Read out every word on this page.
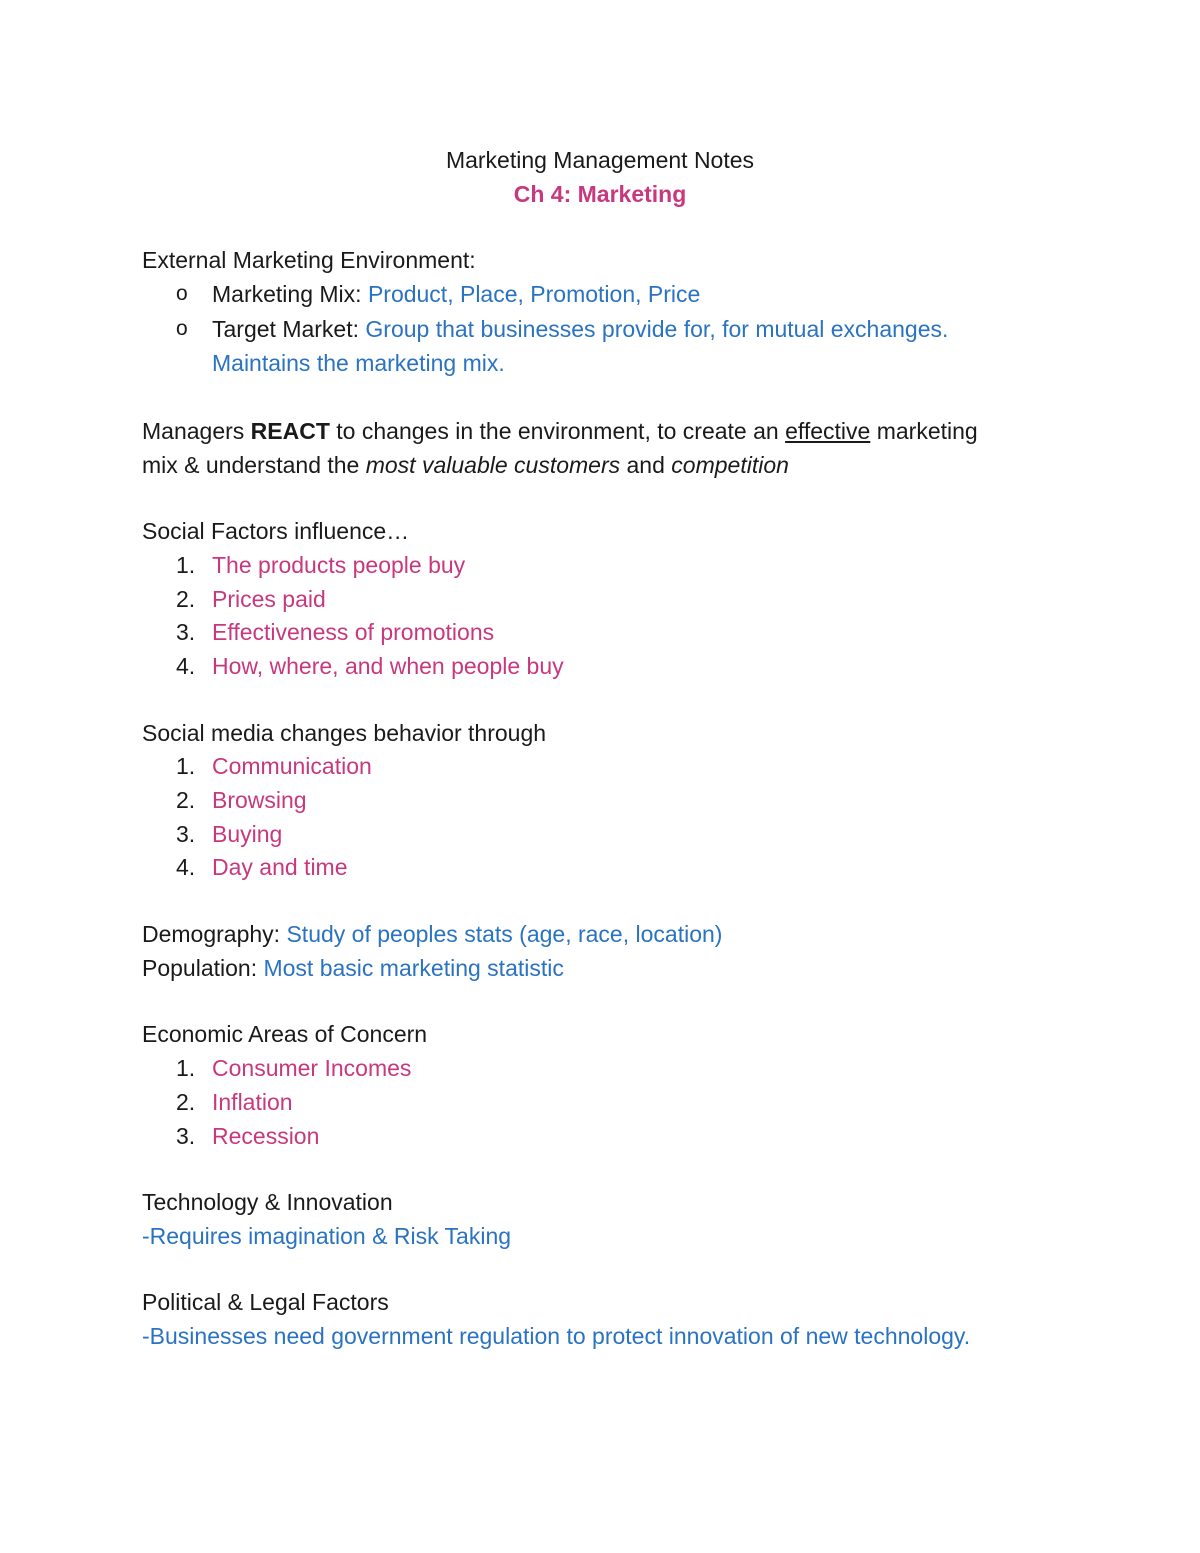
Marketing Management Notes
Ch 4: Marketing
External Marketing Environment:
o Marketing Mix: Product, Place, Promotion, Price
o Target Market: Group that businesses provide for, for mutual exchanges.
Maintains the marketing mix.
Managers REACT to changes in the environment, to create an effective marketing
mix & understand the most valuable customers and competition
Social Factors influence…
1. The products people buy
2. Prices paid
3. Effectiveness of promotions
4. How, where, and when people buy
Social media changes behavior through
1. Communication
2. Browsing
3. Buying
4. Day and time
Demography: Study of peoples stats (age, race, location)
Population: Most basic marketing statistic
Economic Areas of Concern
1. Consumer Incomes
2. Inflation
3. Recession
Technology & Innovation
-Requires imagination & Risk Taking
Political & Legal Factors
-Businesses need government regulation to protect innovation of new technology.
